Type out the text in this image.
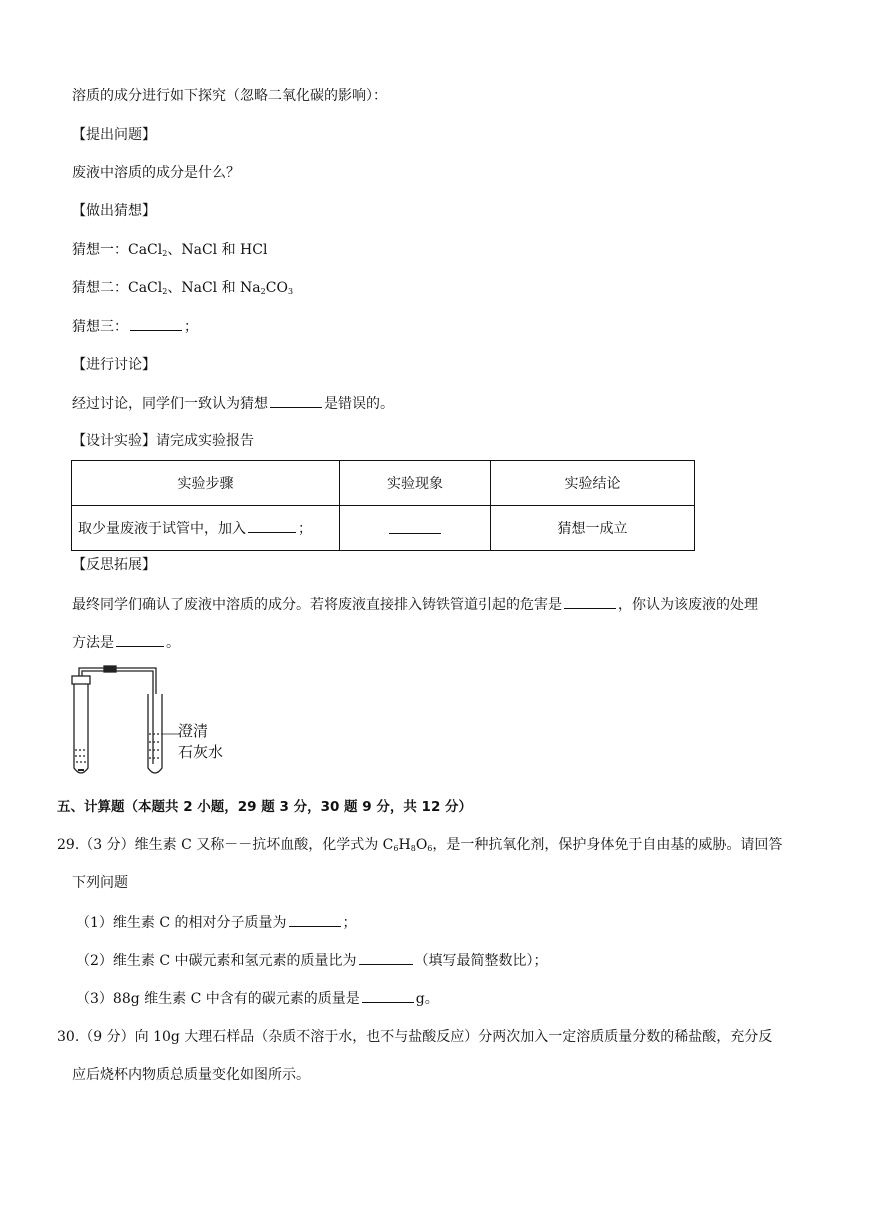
溶质的成分进行如下探究（忽略二氧化碳的影响）：
【提出问题】
废液中溶质的成分是什么？
【做出猜想】
猜想一：CaCl$_2$、NaCl 和 HCl
猜想二：CaCl$_2$、NaCl 和 $Na_2CO_3$
猜想三：	；
【进行讨论】
经过讨论，同学们一致认为猜想	是错误的。
【设计实验】请完成实验报告
实验步骤	实验现象	实验结论
取少量废液于试管中，加入 ；		猜想一成立
【反思拓展】
最终同学们确认了废液中溶质的成分。若将废液直接排入铸铁管道引起的危害是	，你认为该废液的处理
方法是	。
澄清
石灰水
五、计算题（本题共 2 小题，29 题 3 分，30 题 9 分，共 12 分）
29.（3 分）维生素 C 又称－－抗坏血酸，化学式为 $C_6H_8O_6$，是一种抗氧化剂，保护身体免于自由基的威胁。请回答
下列问题
（1）维生素 C 的相对分子质量为	；
（2）维生素 C 中碳元素和氢元素的质量比为	（填写最简整数比）；
（3）88g 维生素 C 中含有的碳元素的质量是	g。
30.（9 分）向 10g 大理石样品（杂质不溶于水，也不与盐酸反应）分两次加入一定溶质质量分数的稀盐酸，充分反
应后烧杯内物质总质量变化如图所示。
